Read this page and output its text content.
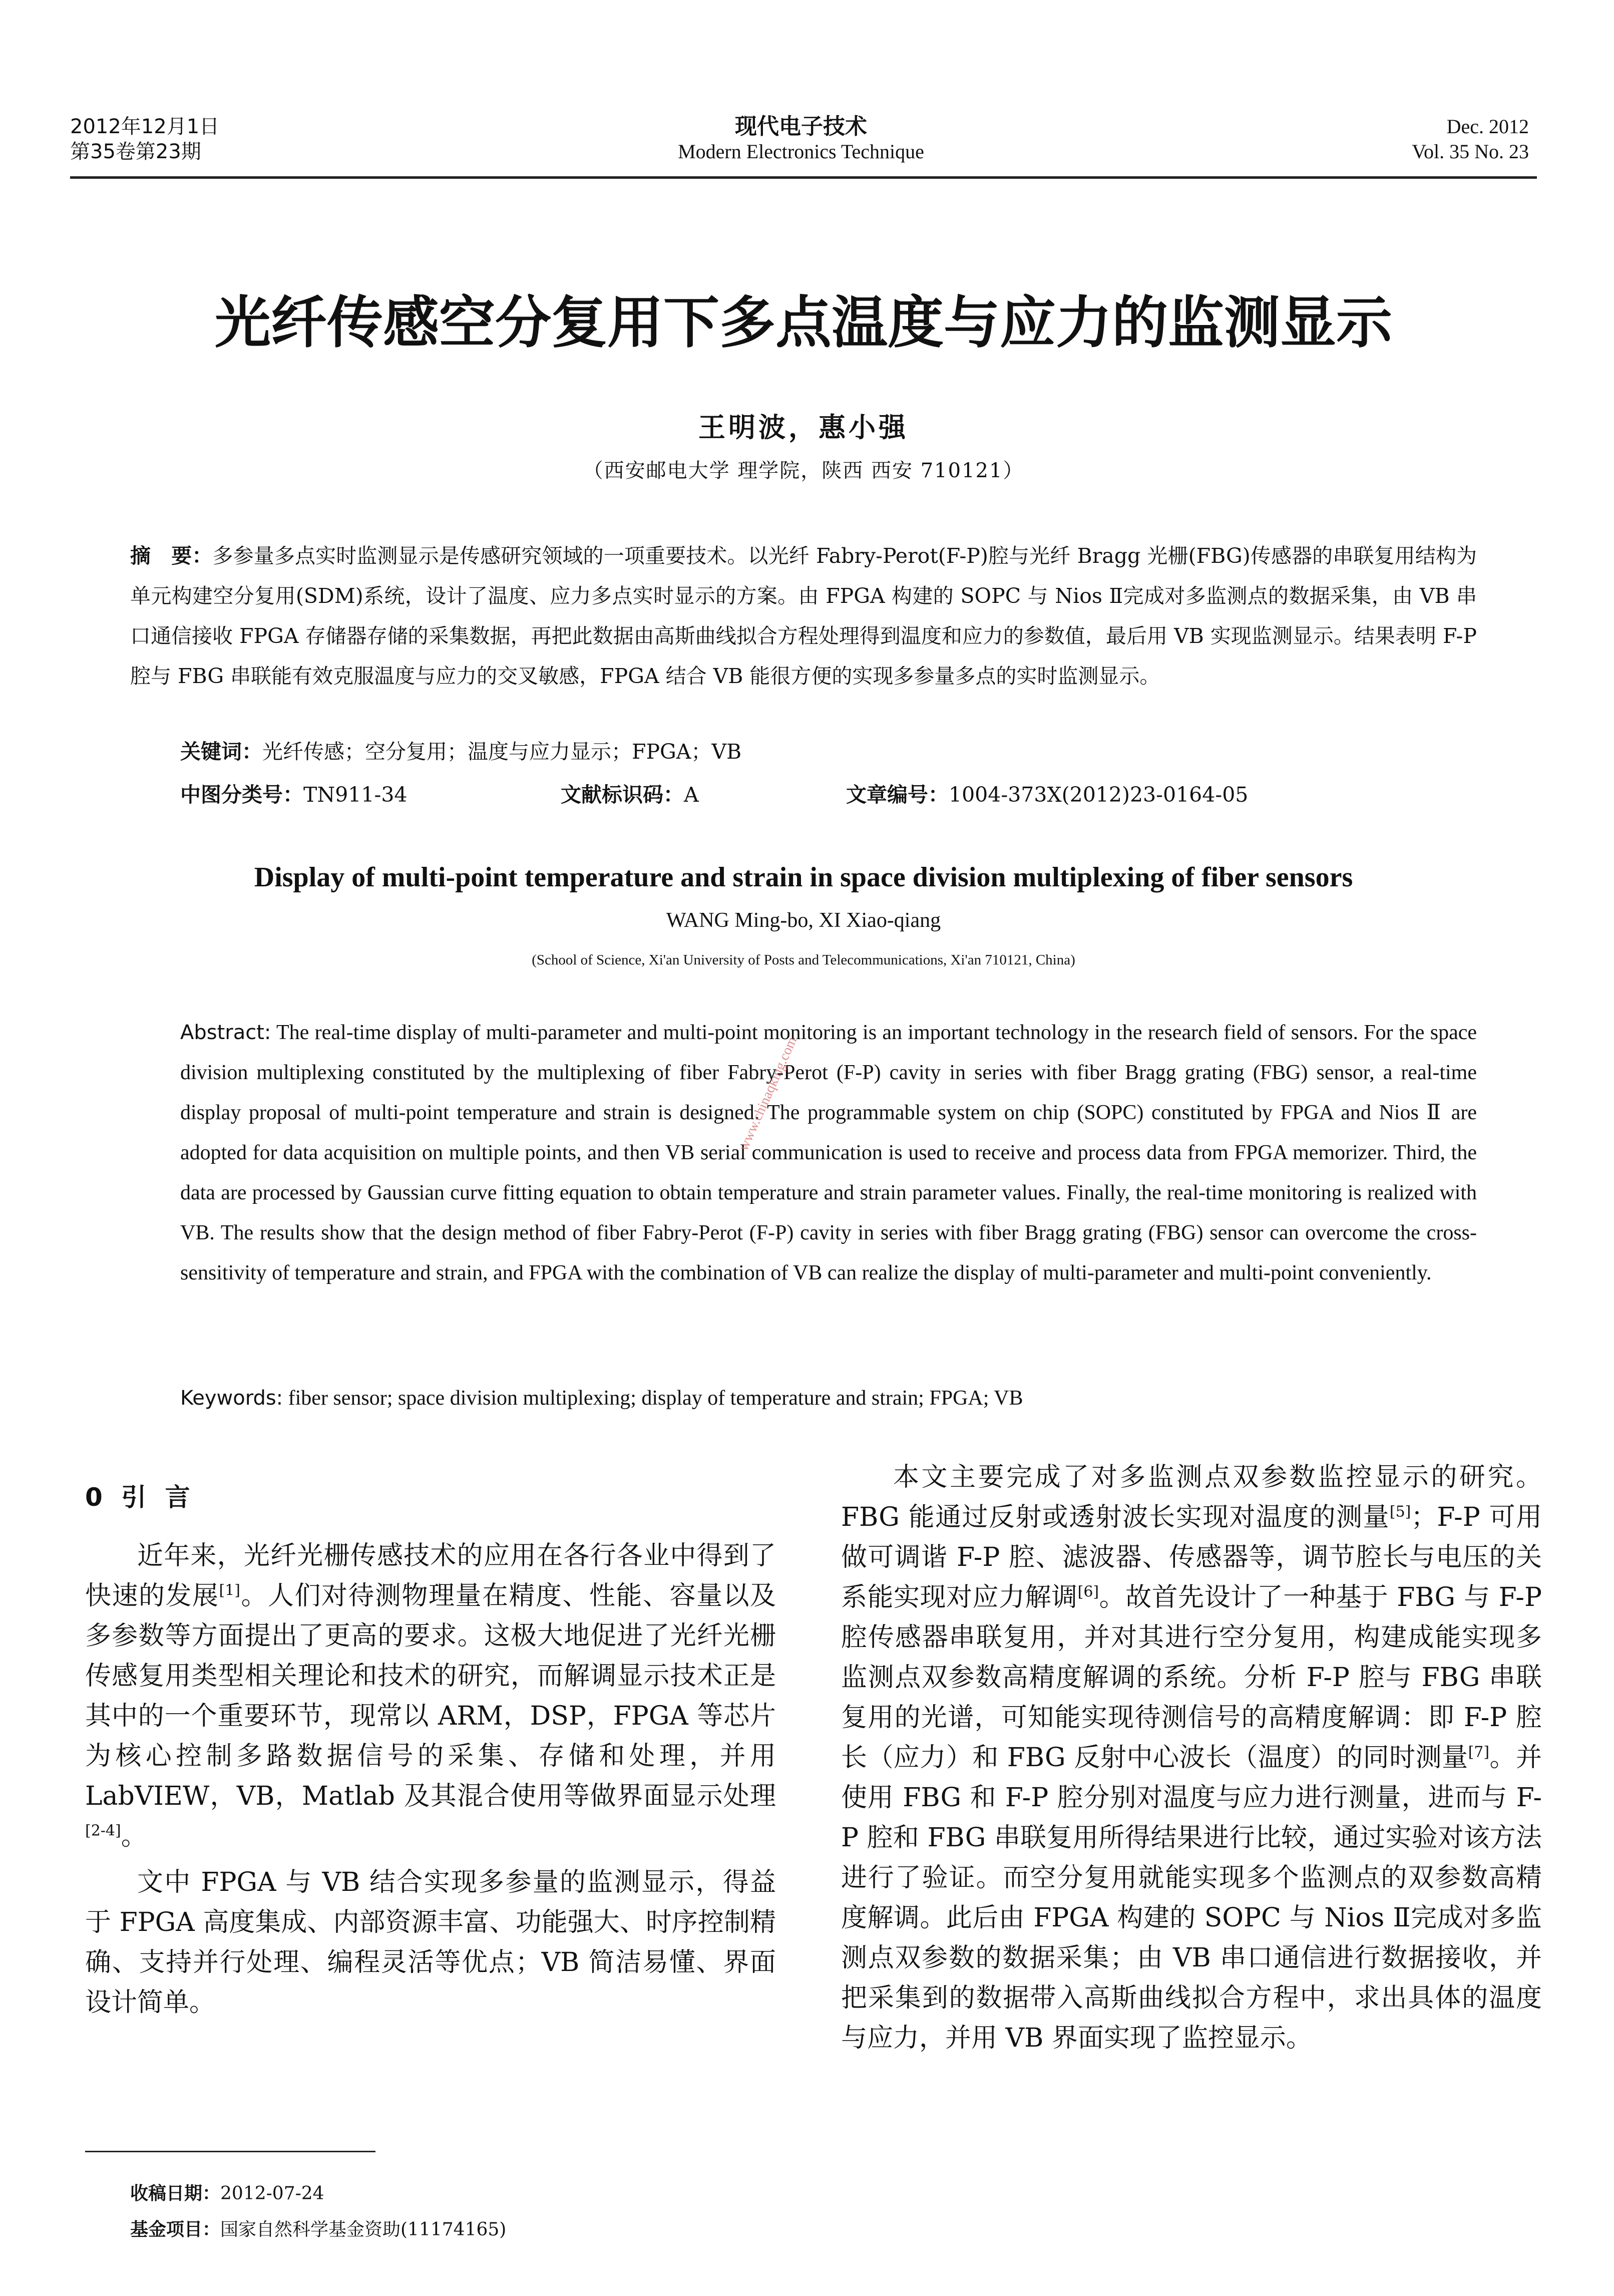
2012年12月1日
第35卷第23期
现代电子技术
Modern Electronics Technique
Dec. 2012
Vol. 35 No. 23
光纤传感空分复用下多点温度与应力的监测显示
王明波，惠小强
（西安邮电大学 理学院，陕西 西安 710121）
摘　要：多参量多点实时监测显示是传感研究领域的一项重要技术。以光纤 Fabry-Perot(F-P)腔与光纤 Bragg 光栅(FBG)传感器的串联复用结构为单元构建空分复用(SDM)系统，设计了温度、应力多点实时显示的方案。由 FPGA 构建的 SOPC 与 Nios Ⅱ完成对多监测点的数据采集，由 VB 串口通信接收 FPGA 存储器存储的采集数据，再把此数据由高斯曲线拟合方程处理得到温度和应力的参数值，最后用 VB 实现监测显示。结果表明 F-P 腔与 FBG 串联能有效克服温度与应力的交叉敏感，FPGA 结合 VB 能很方便的实现多参量多点的实时监测显示。
关键词：光纤传感；空分复用；温度与应力显示；FPGA；VB
中图分类号：TN911-34	文献标识码：A	文章编号：1004-373X(2012)23-0164-05
Display of multi-point temperature and strain in space division multiplexing of fiber sensors
WANG Ming-bo, XI Xiao-qiang
(School of Science, Xi'an University of Posts and Telecommunications, Xi'an 710121, China)
Abstract: The real-time display of multi-parameter and multi-point monitoring is an important technology in the research field of sensors. For the space division multiplexing constituted by the multiplexing of fiber Fabry-Perot (F-P) cavity in series with fiber Bragg grating (FBG) sensor, a real-time display proposal of multi-point temperature and strain is designed. The programmable system on chip (SOPC) constituted by FPGA and Nios Ⅱ are adopted for data acquisition on multiple points, and then VB serial communication is used to receive and process data from FPGA memorizer. Third, the data are processed by Gaussian curve fitting equation to obtain temperature and strain parameter values. Finally, the real-time monitoring is realized with VB. The results show that the design method of fiber Fabry-Perot (F-P) cavity in series with fiber Bragg grating (FBG) sensor can overcome the cross-sensitivity of temperature and strain, and FPGA with the combination of VB can realize the display of multi-parameter and multi-point conveniently.
Keywords: fiber sensor; space division multiplexing; display of temperature and strain; FPGA; VB
www.chinaqking.com
0 引 言

近年来，光纤光栅传感技术的应用在各行各业中得到了快速的发展[1]。人们对待测物理量在精度、性能、容量以及多参数等方面提出了更高的要求。这极大地促进了光纤光栅传感复用类型相关理论和技术的研究，而解调显示技术正是其中的一个重要环节，现常以 ARM，DSP，FPGA 等芯片为核心控制多路数据信号的采集、存储和处理，并用 LabVIEW，VB，Matlab 及其混合使用等做界面显示处理[2-4]。

文中 FPGA 与 VB 结合实现多参量的监测显示，得益于 FPGA 高度集成、内部资源丰富、功能强大、时序控制精确、支持并行处理、编程灵活等优点；VB 简洁易懂、界面设计简单。

本文主要完成了对多监测点双参数监控显示的研究。FBG 能通过反射或透射波长实现对温度的测量[5]；F-P 可用做可调谐 F-P 腔、滤波器、传感器等，调节腔长与电压的关系能实现对应力解调[6]。故首先设计了一种基于 FBG 与 F-P 腔传感器串联复用，并对其进行空分复用，构建成能实现多监测点双参数高精度解调的系统。分析 F-P 腔与 FBG 串联复用的光谱，可知能实现待测信号的高精度解调：即 F-P 腔长（应力）和 FBG 反射中心波长（温度）的同时测量[7]。并使用 FBG 和 F-P 腔分别对温度与应力进行测量，进而与 F-P 腔和 FBG 串联复用所得结果进行比较，通过实验对该方法进行了验证。而空分复用就能实现多个监测点的双参数高精度解调。此后由 FPGA 构建的 SOPC 与 Nios Ⅱ完成对多监测点双参数的数据采集；由 VB 串口通信进行数据接收，并把采集到的数据带入高斯曲线拟合方程中，求出具体的温度与应力，并用 VB 界面实现了监控显示。

收稿日期：2012-07-24
基金项目：国家自然科学基金资助(11174165)
